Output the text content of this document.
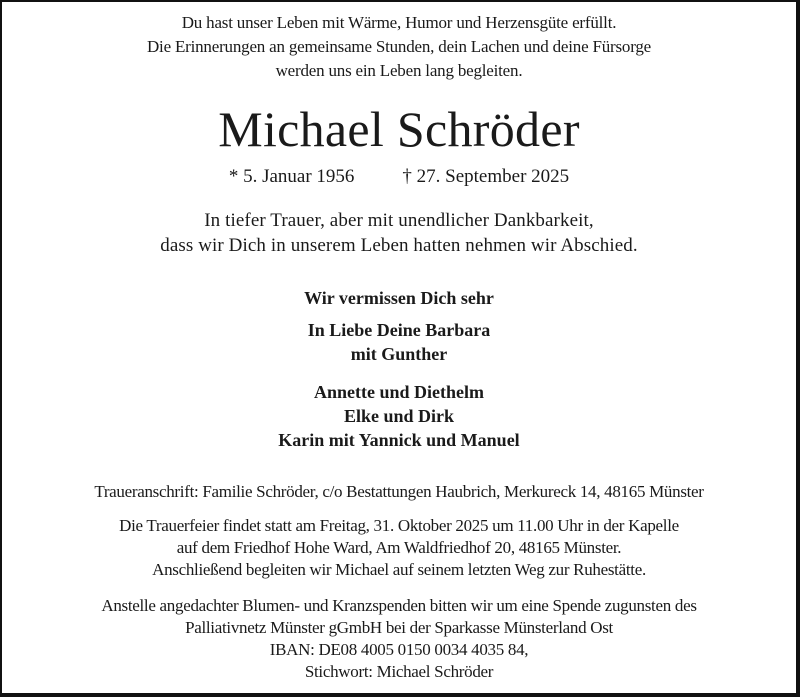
Du hast unser Leben mit Wärme, Humor und Herzensgüte erfüllt.
Die Erinnerungen an gemeinsame Stunden, dein Lachen und deine Fürsorge
werden uns ein Leben lang begleiten.
Michael Schröder
* 5. Januar 1956	† 27. September 2025
In tiefer Trauer, aber mit unendlicher Dankbarkeit,
dass wir Dich in unserem Leben hatten nehmen wir Abschied.
Wir vermissen Dich sehr
In Liebe Deine Barbara
mit Gunther
Annette und Diethelm
Elke und Dirk
Karin mit Yannick und Manuel
Traueranschrift: Familie Schröder, c/o Bestattungen Haubrich, Merkureck 14, 48165 Münster
Die Trauerfeier findet statt am Freitag, 31. Oktober 2025 um 11.00 Uhr in der Kapelle
auf dem Friedhof Hohe Ward, Am Waldfriedhof 20, 48165 Münster.
Anschließend begleiten wir Michael auf seinem letzten Weg zur Ruhestätte.
Anstelle angedachter Blumen- und Kranzspenden bitten wir um eine Spende zugunsten des
Palliativnetz Münster gGmbH bei der Sparkasse Münsterland Ost
IBAN: DE08 4005 0150 0034 4035 84,
Stichwort: Michael Schröder
